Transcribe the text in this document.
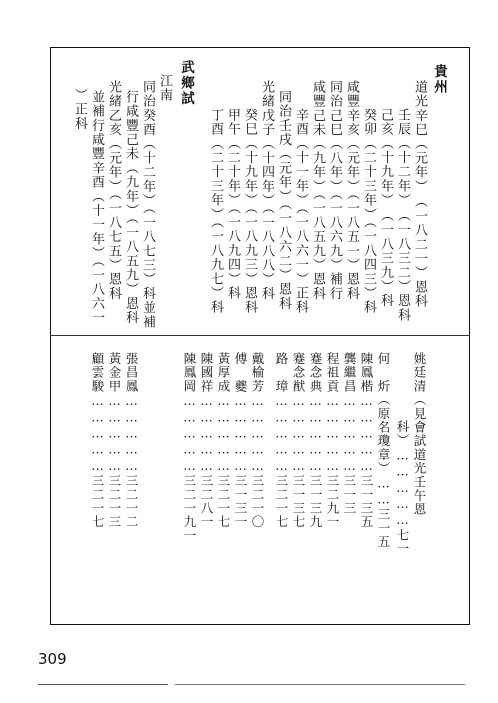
貴州
道光辛巳（元年）　（一八二一）恩科
壬辰（十二年）　（一八三二）恩科
己亥（十九年）　（一八三九）科
癸卯（二十三年）（一八四三）科
咸豐辛亥（元年）（一八五一）恩科
同治己巳（八年）（一八六九）補行
咸豐己未（九年）（一八五九）恩科
辛酉（十一年）（一八六一）正科
同治壬戌（元年）（一八六二）恩科
光緒戊子（十四年）（一八八八）科
癸巳（十九年）（一八九三）恩科
甲午（二十年）（一八九四）科
丁酉（二十三年）（一八九七）科
武鄉試
江南
同治癸酉（十二年）（一八七三）科並補
行咸豐己未（九年）（一八五九）恩科
光緒乙亥（元年）（一八七五）恩科
並補行咸豐辛酉（十一年）（一八六一
）正科
姚廷清（見會試道光壬午恩
科）……………七一
何　炘（原名瓊章）……三一五
陳鳳楷……………三一三五
龔繼昌……………三一三
程祖貢……………三二九一
蹇念典……………三一三九
蹇念猷……………三一三七
路　璋……………三二一七
戴榆芳……………三二一〇
傅　夔……………三一三一
黃厚成……………三二一七
陳國祥……………三二八一
陳鳳岡……………三二一九一
張昌鳳……………三二一二
黃金甲……………三二一三
顧雲駿……………三二一七
309
